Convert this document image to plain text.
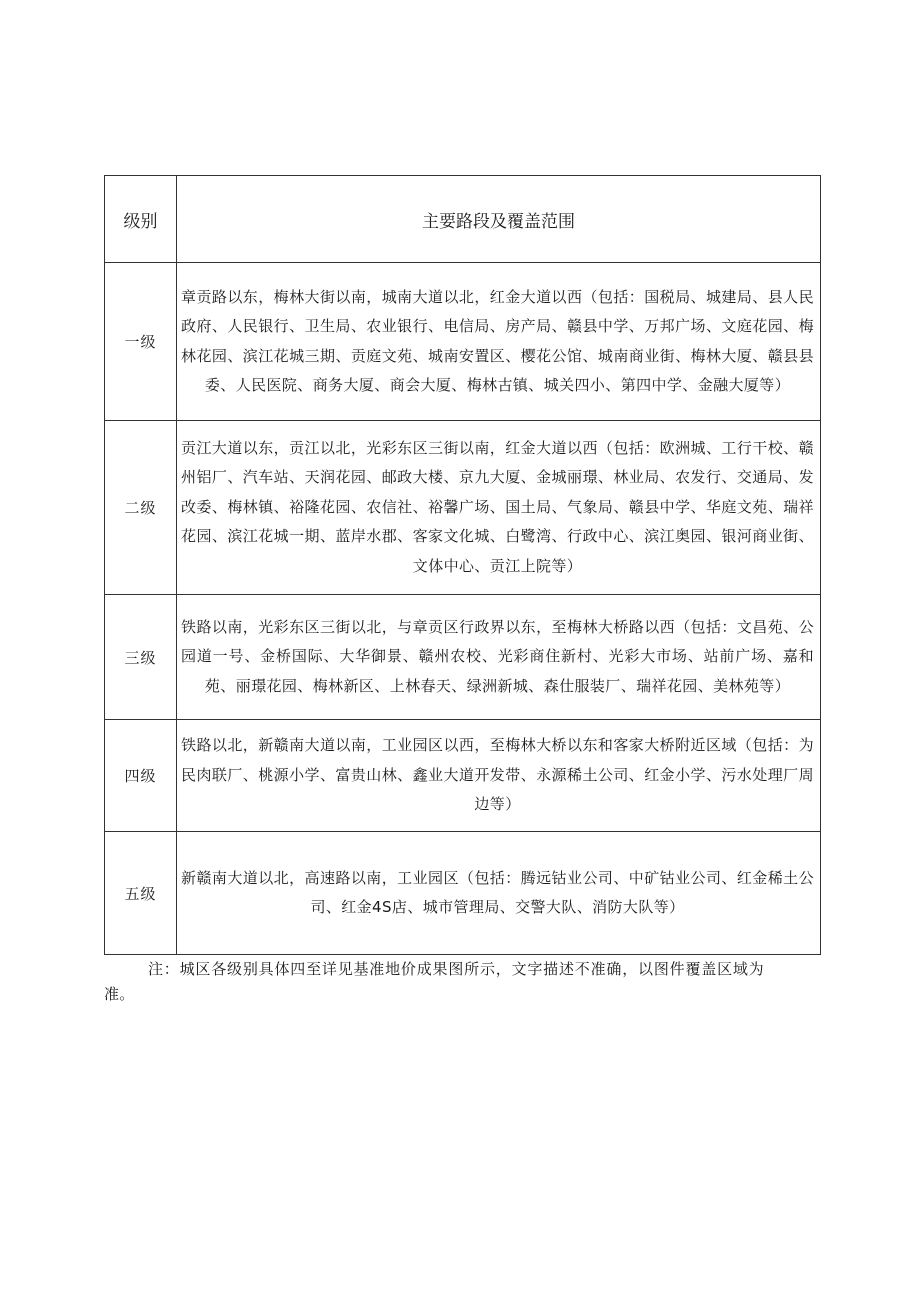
级别	主要路段及覆盖范围
一级	章贡路以东，梅林大街以南，城南大道以北，红金大道以西（包括：国税局、城建局、县人民政府、人民银行、卫生局、农业银行、电信局、房产局、赣县中学、万邦广场、文庭花园、梅林花园、滨江花城三期、贡庭文苑、城南安置区、樱花公馆、城南商业街、梅林大厦、赣县县委、人民医院、商务大厦、商会大厦、梅林古镇、城关四小、第四中学、金融大厦等）
二级	贡江大道以东，贡江以北，光彩东区三街以南，红金大道以西（包括：欧洲城、工行干校、赣州铝厂、汽车站、天润花园、邮政大楼、京九大厦、金城丽璟、林业局、农发行、交通局、发改委、梅林镇、裕隆花园、农信社、裕馨广场、国土局、气象局、赣县中学、华庭文苑、瑞祥花园、滨江花城一期、蓝岸水郡、客家文化城、白鹭湾、行政中心、滨江奥园、银河商业街、文体中心、贡江上院等）
三级	铁路以南，光彩东区三街以北，与章贡区行政界以东，至梅林大桥路以西（包括：文昌苑、公园道一号、金桥国际、大华御景、赣州农校、光彩商住新村、光彩大市场、站前广场、嘉和苑、丽璟花园、梅林新区、上林春天、绿洲新城、森仕服装厂、瑞祥花园、美林苑等）
四级	铁路以北，新赣南大道以南，工业园区以西，至梅林大桥以东和客家大桥附近区域（包括：为民肉联厂、桃源小学、富贵山林、鑫业大道开发带、永源稀土公司、红金小学、污水处理厂周边等）
五级	新赣南大道以北，高速路以南，工业园区（包括：腾远钴业公司、中矿钴业公司、红金稀土公司、红金4S店、城市管理局、交警大队、消防大队等）
注：城区各级别具体四至详见基准地价成果图所示，文字描述不准确，以图件覆盖区域为准。
